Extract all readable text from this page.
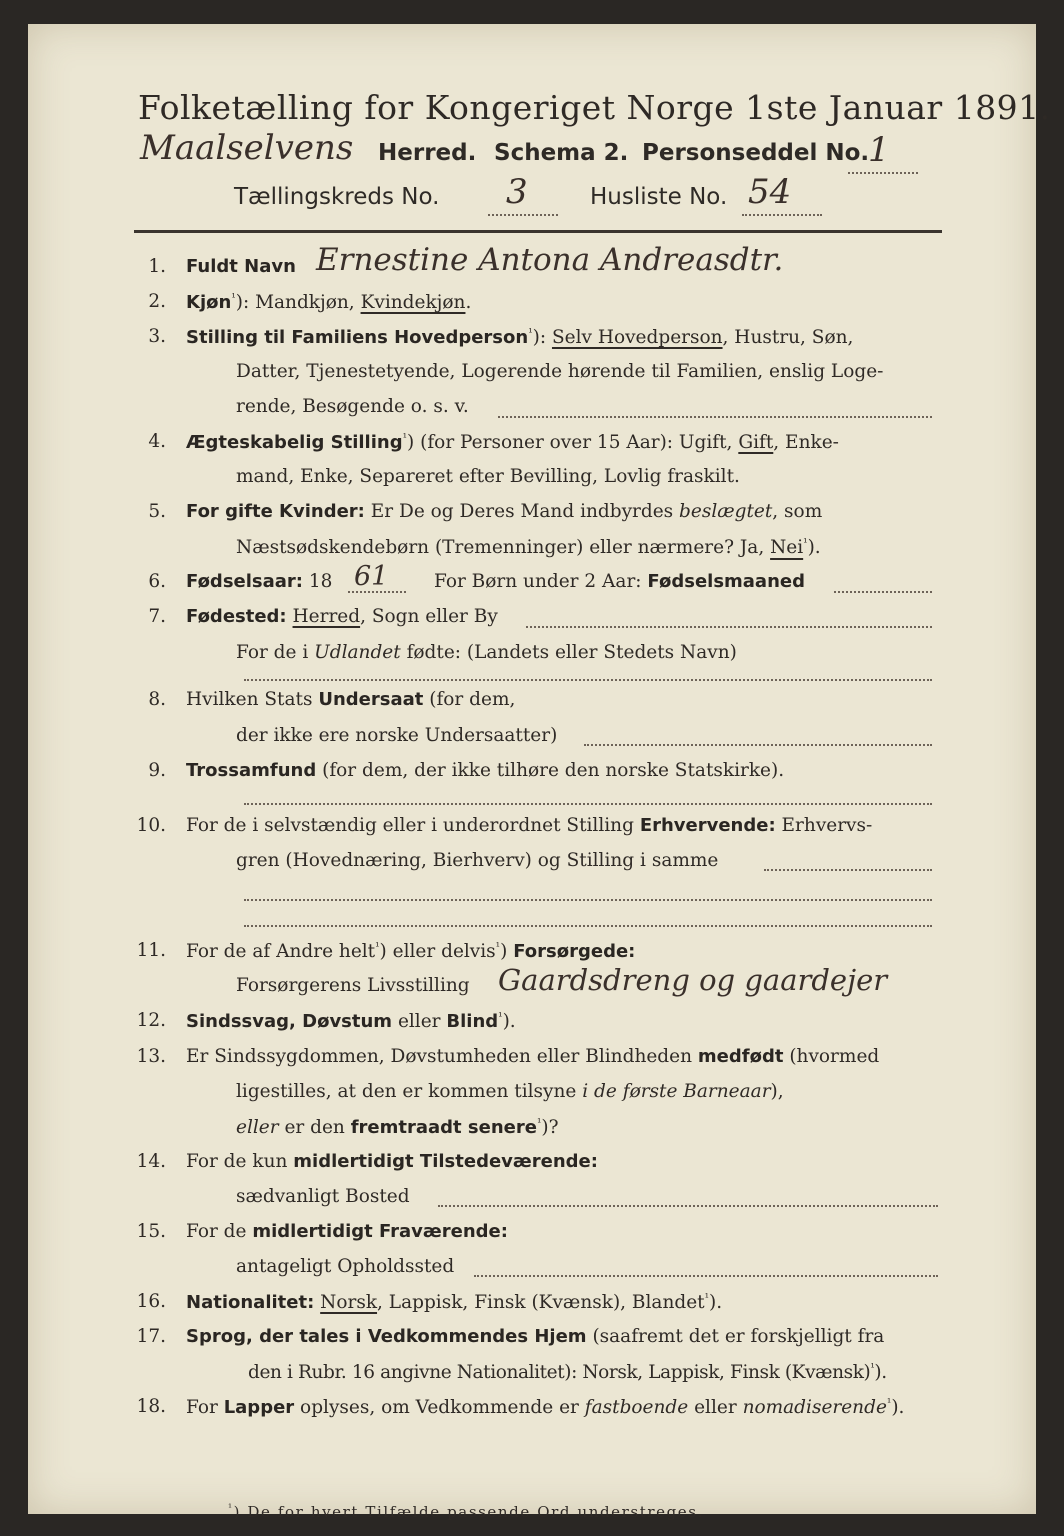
Folketælling for Kongeriget Norge 1ste Januar 1891.
Maalselvens Herred. Schema 2. Personseddel No.
1
Tællingskreds No. 3	Husliste No. 54
1. Fuldt Navn Ernestine Antona Andreasdtr.
2. Kjøn$^{^1}$): Mandkjøn, Kvindekjøn.
3. Stilling til Familiens Hovedperson$^{^1}$): Selv Hovedperson, Hustru, Søn,
Datter, Tjenestetyende, Logerende hørende til Familien, enslig Loge-
rende, Besøgende o. s. v.
4. Ægteskabelig Stilling$^{^1}$) (for Personer over 15 Aar): Ugift, Gift, Enke-
mand, Enke, Separeret efter Bevilling, Lovlig fraskilt.
5. For gifte Kvinder: Er De og Deres Mand indbyrdes beslægtet, som
Næstsødskendebørn (Tremenninger) eller nærmere? Ja, Nei$^{^1}$).
6. Fødselsaar: 18 61 For Børn under 2 Aar: Fødselsmaaned
7. Fødested: Herred, Sogn eller By
For de i Udlandet fødte: (Landets eller Stedets Navn)
8. Hvilken Stats Undersaat (for dem,
der ikke ere norske Undersaatter)
9. Trossamfund (for dem, der ikke tilhøre den norske Statskirke).
10. For de i selvstændig eller i underordnet Stilling Erhvervende: Erhvervs-
gren (Hovednæring, Bierhverv) og Stilling i samme
11. For de af Andre helt$^{^1}$) eller delvis$^{^1}$) Forsørgede:
Forsørgerens Livsstilling Gaardsdreng og gaardejer
12. Sindssvag, Døvstum eller Blind$^{^1}$).
13. Er Sindssygdommen, Døvstumheden eller Blindheden medfødt (hvormed
ligestilles, at den er kommen tilsyne i de første Barneaar),
eller er den fremtraadt senere$^{^1}$)?
14. For de kun midlertidigt Tilstedeværende:
sædvanligt Bosted
15. For de midlertidigt Fraværende:
antageligt Opholdssted
16. Nationalitet: Norsk, Lappisk, Finsk (Kvænsk), Blandet$^{^1}$).
17. Sprog, der tales i Vedkommendes Hjem (saafremt det er forskjelligt fra
den i Rubr. 16 angivne Nationalitet): Norsk, Lappisk, Finsk (Kvænsk)$^{^1}$).
18. For Lapper oplyses, om Vedkommende er fastboende eller nomadiserende$^{^1}$).
$^{^1}$) De for hvert Tilfælde passende Ord understreges.
